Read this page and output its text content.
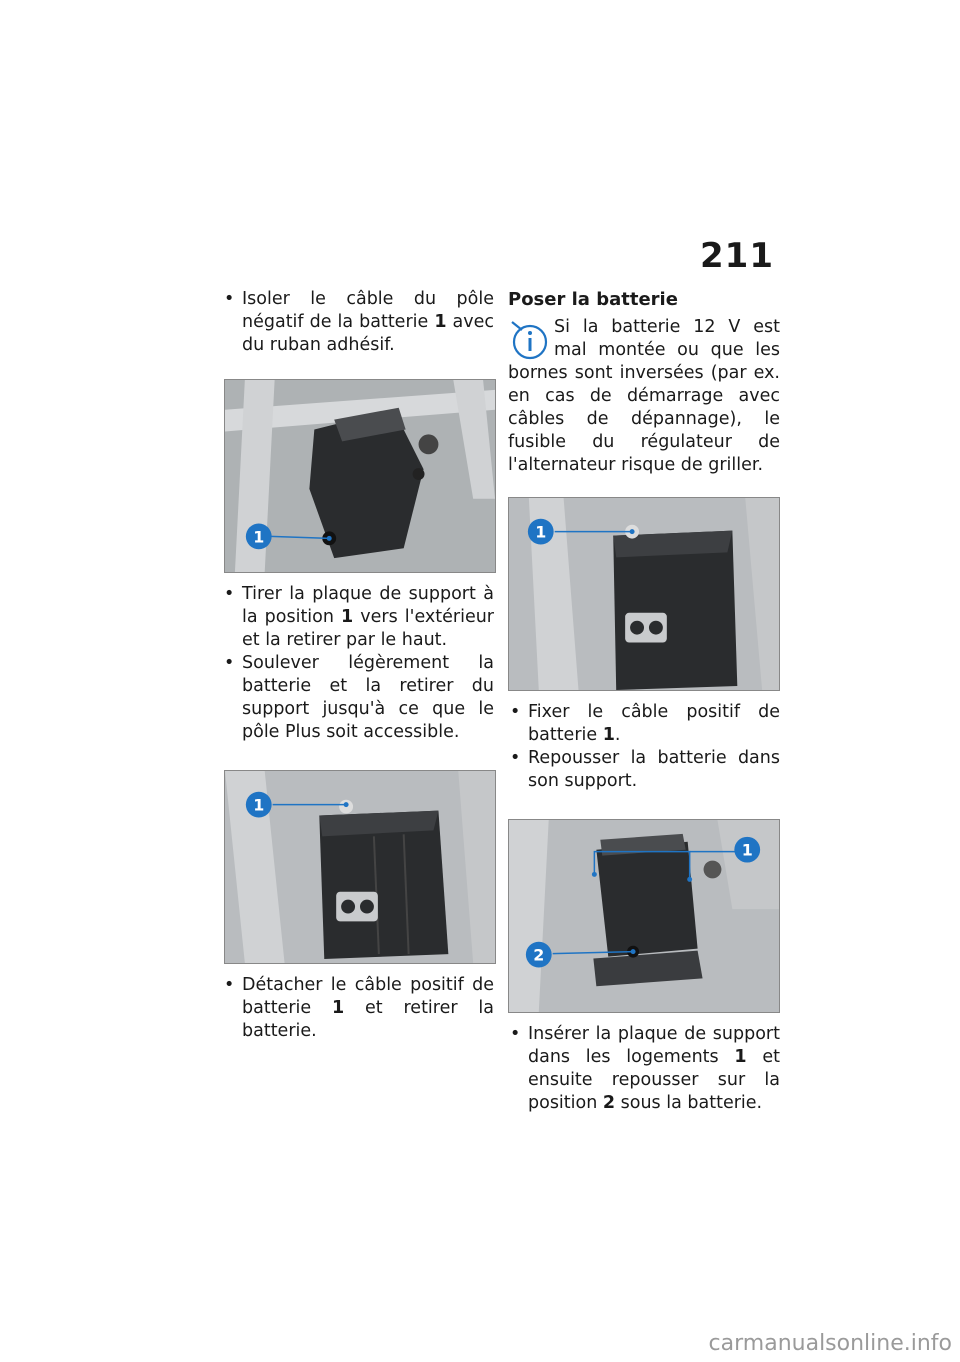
211

• Isoler le câble du pôle négatif de la batterie 1 avec du ruban adhésif.

1

• Tirer la plaque de support à la position 1 vers l'extérieur et la retirer par le haut.

• Soulever légèrement la batterie et la retirer du support jusqu'à ce que le pôle Plus soit accessible.

1

• Détacher le câble positif de batterie 1 et retirer la batterie.

Poser la batterie
Si la batterie 12 V est mal montée ou que les bornes sont inversées (par ex. en cas de démarrage avec câbles de dépannage), le fusible du régulateur de l'alternateur risque de griller.
1

• Fixer le câble positif de batterie 1.

• Repousser la batterie dans son support.

1
2

• Insérer la plaque de support dans les logements 1 et ensuite repousser sur la position 2 sous la batterie.

carmanualsonline.info
